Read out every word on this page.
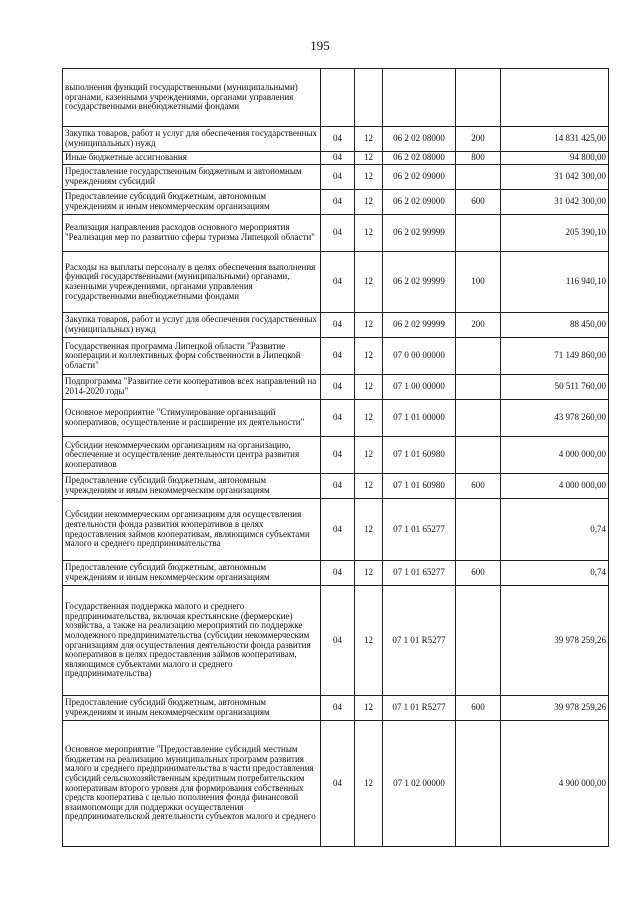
195
выполнения функций государственными (муниципальными) органами, казенными учреждениями, органами управления государственными внебюджетными фондами					
Закупка товаров, работ и услуг для обеспечения государственных (муниципальных) нужд	04	12	06 2 02 08000	200	14 831 425,00
Иные бюджетные ассигнования	04	12	06 2 02 08000	800	94 800,00
Предоставление государственным бюджетным и автономным учреждениям субсидий	04	12	06 2 02 09000		31 042 300,00
Предоставление субсидий бюджетным, автономным учреждениям и иным некоммерческим организациям	04	12	06 2 02 09000	600	31 042 300,00
Реализация направления расходов основного мероприятия "Реализация мер по развитию сферы туризма Липецкой области"	04	12	06 2 02 99999		205 390,10
Расходы на выплаты персоналу в целях обеспечения выполнения функций государственными (муниципальными) органами, казенными учреждениями, органами управления государственными внебюджетными фондами	04	12	06 2 02 99999	100	116 940,10
Закупка товаров, работ и услуг для обеспечения государственных (муниципальных) нужд	04	12	06 2 02 99999	200	88 450,00
Государственная программа Липецкой области "Развитие кооперации и коллективных форм собственности в Липецкой области"	04	12	07 0 00 00000		71 149 860,00
Подпрограмма "Развитие сети кооперативов всех направлений на 2014-2020 годы"	04	12	07 1 00 00000		50 511 760,00
Основное мероприятие "Стимулирование организаций кооперативов, осуществление и расширение их деятельности"	04	12	07 1 01 00000		43 978 260,00
Субсидии некоммерческим организациям на организацию, обеспечение и осуществление деятельности центра развития кооперативов	04	12	07 1 01 60980		4 000 000,00
Предоставление субсидий бюджетным, автономным учреждениям и иным некоммерческим организациям	04	12	07 1 01 60980	600	4 000 000,00
Субсидии некоммерческим организациям для осуществления деятельности фонда развития кооперативов в целях предоставления займов кооперативам, являющимся субъектами малого и среднего предпринимательства	04	12	07 1 01 65277		0,74
Предоставление субсидий бюджетным, автономным учреждениям и иным некоммерческим организациям	04	12	07 1 01 65277	600	0,74
Государственная поддержка малого и среднего предпринимательства, включая крестьянские (фермерские) хозяйства, а также на реализацию мероприятий по поддержке молодежного предпринимательства (субсидии некоммерческим организациям для осуществления деятельности фонда развития кооперативов в целях предоставления займов кооперативам, являющимся субъектами малого и среднего предпринимательства)	04	12	07 1 01 R5277		39 978 259,26
Предоставление субсидий бюджетным, автономным учреждениям и иным некоммерческим организациям	04	12	07 1 01 R5277	600	39 978 259,26
Основное мероприятие "Предоставление субсидий местным бюджетам на реализацию муниципальных программ развития малого и среднего предпринимательства в части предоставления субсидий сельскохозяйственным кредитным потребительским кооперативам второго уровня для формирования собственных средств кооператива с целью пополнения фонда финансовой взаимопомощи для поддержки осуществления предпринимательской деятельности субъектов малого и среднего	04	12	07 1 02 00000		4 900 000,00
